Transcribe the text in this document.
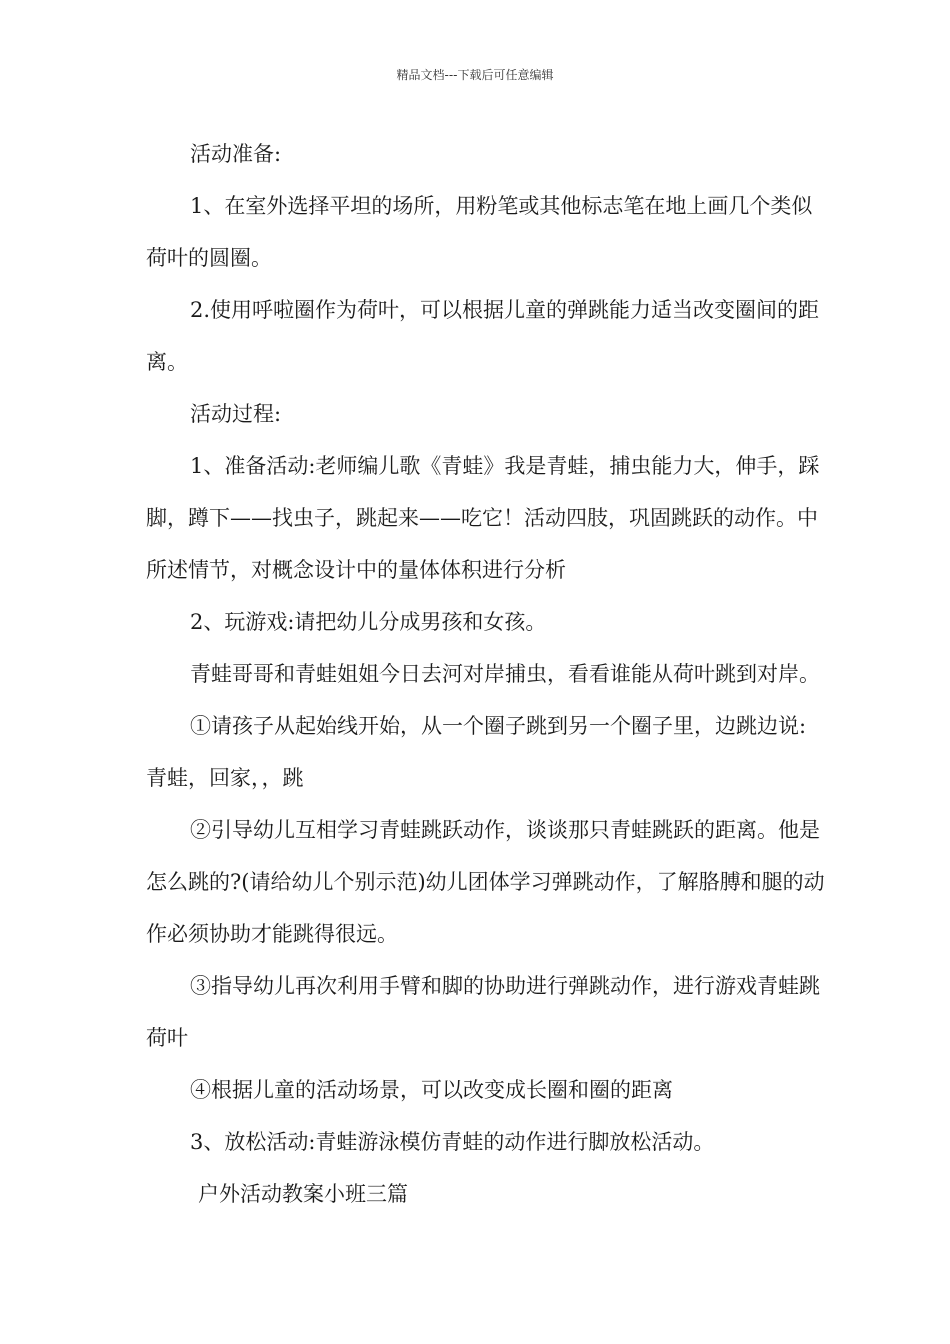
精品文档---下载后可任意编辑

活动准备:

1、在室外选择平坦的场所，用粉笔或其他标志笔在地上画几个类似荷叶的圆圈。

2.使用呼啦圈作为荷叶，可以根据儿童的弹跳能力适当改变圈间的距离。

活动过程:

1、准备活动:老师编儿歌《青蛙》我是青蛙，捕虫能力大，伸手，踩脚，蹲下——找虫子，跳起来——吃它！活动四肢，巩固跳跃的动作。中所述情节，对概念设计中的量体体积进行分析

2、玩游戏:请把幼儿分成男孩和女孩。

青蛙哥哥和青蛙姐姐今日去河对岸捕虫，看看谁能从荷叶跳到对岸。

①请孩子从起始线开始，从一个圈子跳到另一个圈子里，边跳边说:青蛙，回家，，跳

②引导幼儿互相学习青蛙跳跃动作，谈谈那只青蛙跳跃的距离。他是怎么跳的?(请给幼儿个别示范)幼儿团体学习弹跳动作，了解胳膊和腿的动作必须协助才能跳得很远。

③指导幼儿再次利用手臂和脚的协助进行弹跳动作，进行游戏青蛙跳荷叶

④根据儿童的活动场景，可以改变成长圈和圈的距离

3、放松活动:青蛙游泳模仿青蛙的动作进行脚放松活动。

户外活动教案小班三篇
